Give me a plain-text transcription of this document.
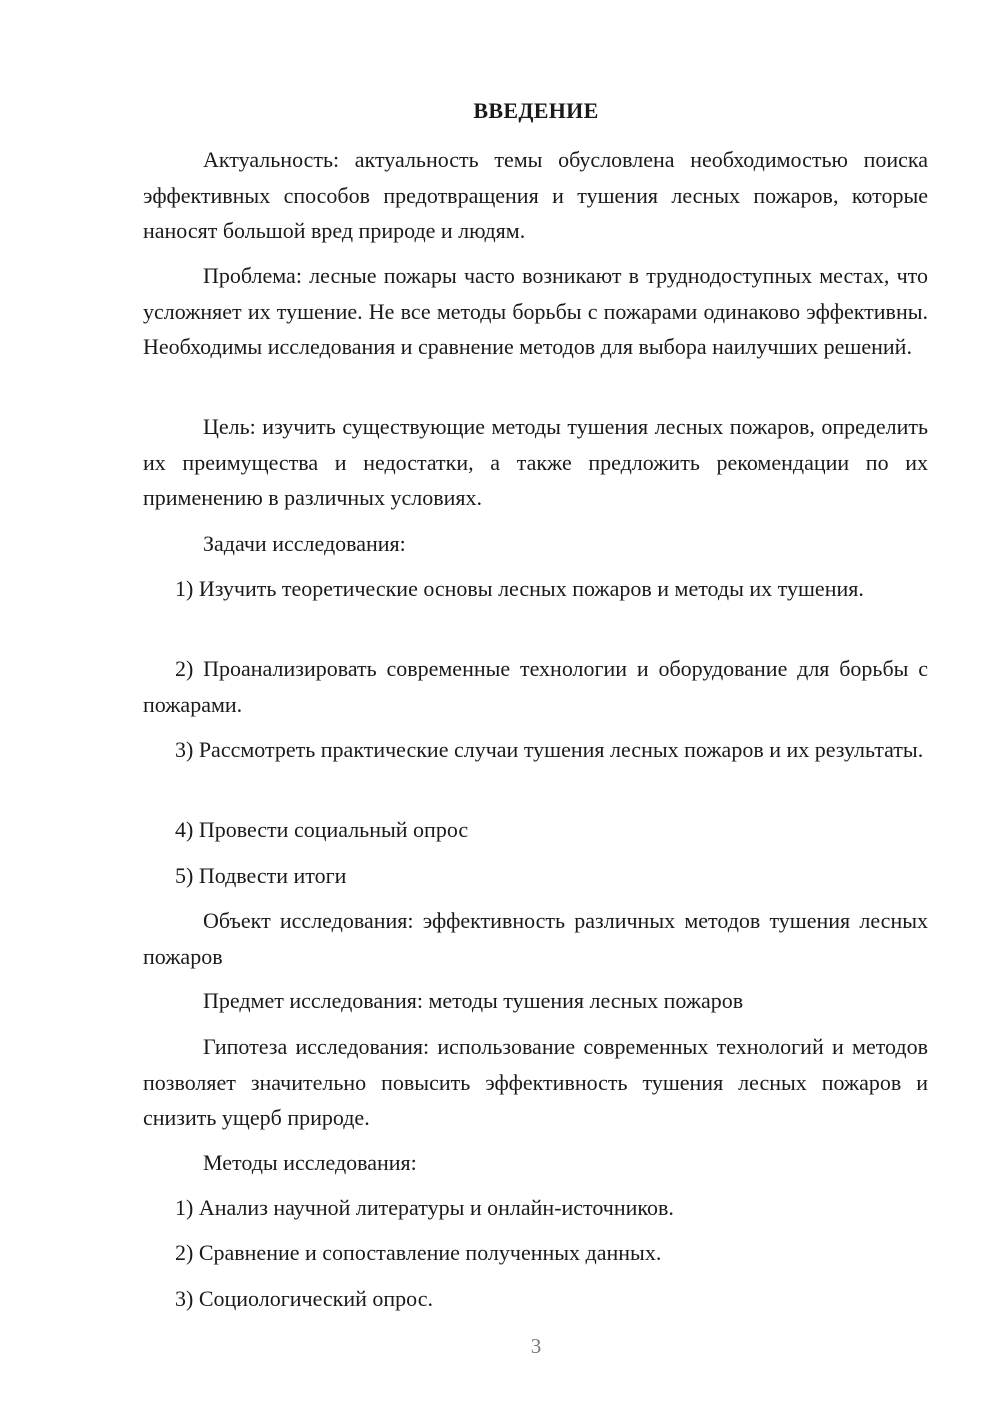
ВВЕДЕНИЕ

Актуальность: актуальность темы обусловлена необходимостью поиска эффективных способов предотвращения и тушения лесных пожаров, которые наносят большой вред природе и людям.

Проблема: лесные пожары часто возникают в труднодоступных местах, что усложняет их тушение. Не все методы борьбы с пожарами одинаково эффективны. Необходимы исследования и сравнение методов для выбора наилучших решений.

Цель: изучить существующие методы тушения лесных пожаров, определить их преимущества и недостатки, а также предложить рекомендации по их применению в различных условиях.

Задачи исследования:

1) Изучить теоретические основы лесных пожаров и методы их тушения.

2) Проанализировать современные технологии и оборудование для борьбы с пожарами.

3) Рассмотреть практические случаи тушения лесных пожаров и их результаты.

4) Провести социальный опрос

5) Подвести итоги

Объект исследования: эффективность различных методов тушения лесных пожаров

Предмет исследования: методы тушения лесных пожаров

Гипотеза исследования: использование современных технологий и методов позволяет значительно повысить эффективность тушения лесных пожаров и снизить ущерб природе.

Методы исследования:

1) Анализ научной литературы и онлайн-источников.

2) Сравнение и сопоставление полученных данных.

3) Социологический опрос.

3
